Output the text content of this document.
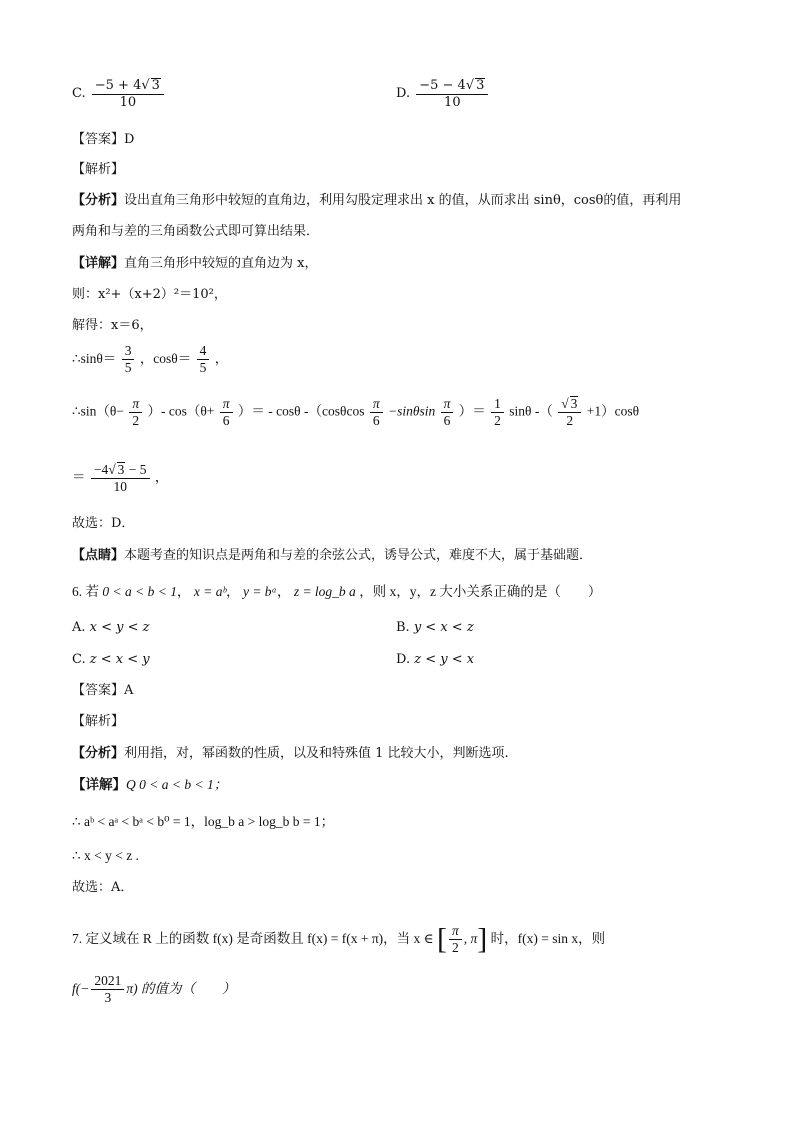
C. $\frac{-5 + 4 √ 3}{10}$	D. $\frac{-5 - 4 √ 3}{10}$
【答案】D
【解析】
【分析】设出直角三角形中较短的直角边，利用勾股定理求出 x 的值，从而求出 sinθ，cosθ的值，再利用
两角和与差的三角函数公式即可算出结果．
【详解】直角三角形中较短的直角边为 x，
则：x²+（x+2）²＝10²，
解得：x＝6，
∴sinθ＝ $\frac{3}{5}$ ，$\cos\theta= \frac{4}{5}$ ，
∴sin（θ− $\frac{\pi}{2}$ ）- $\cos(\theta+ \frac{\pi}{6}$ ）＝ - cosθ $-(\cos\theta\cos \frac{\pi}{6} -\sin\theta\sin \frac{\pi}{6}$ ）＝ $\frac{1}{2}$ sinθ -（ √ $\frac{3}{2} +1)\cos\theta$
＝ $\frac{-4 √ 3 - 5}{10}$ ，
故选：D．
【点睛】本题考查的知识点是两角和与差的余弦公式，诱导公式，难度不大，属于基础题．
6. 若 0 < a < b < 1， x = aᵇ， y = bᵃ， z = log_b a ，则 x，y，z 大小关系正确的是（　　）
A. x < y < z	B. y < x < z
C. z < x < y	D. z < y < x
【答案】A
【解析】
【分析】利用指，对，幂函数的性质，以及和特殊值 1 比较大小，判断选项.
【详解】Q 0 < a < b < 1；
∴ aᵇ < aᵃ < bᵃ < b⁰ = 1，log_b a > log_b b = 1；
∴ x < y < z .
故选：A．
7. 定义域在 R 上的函数 f(x) 是奇函数且 f(x) = f(x + π)，当 x ∈ [ $\frac{\pi}{2}$ , π] 时，f(x) = sin x，则
$f(- \frac{2021}{3} \pi)$ 的值为（　　）
